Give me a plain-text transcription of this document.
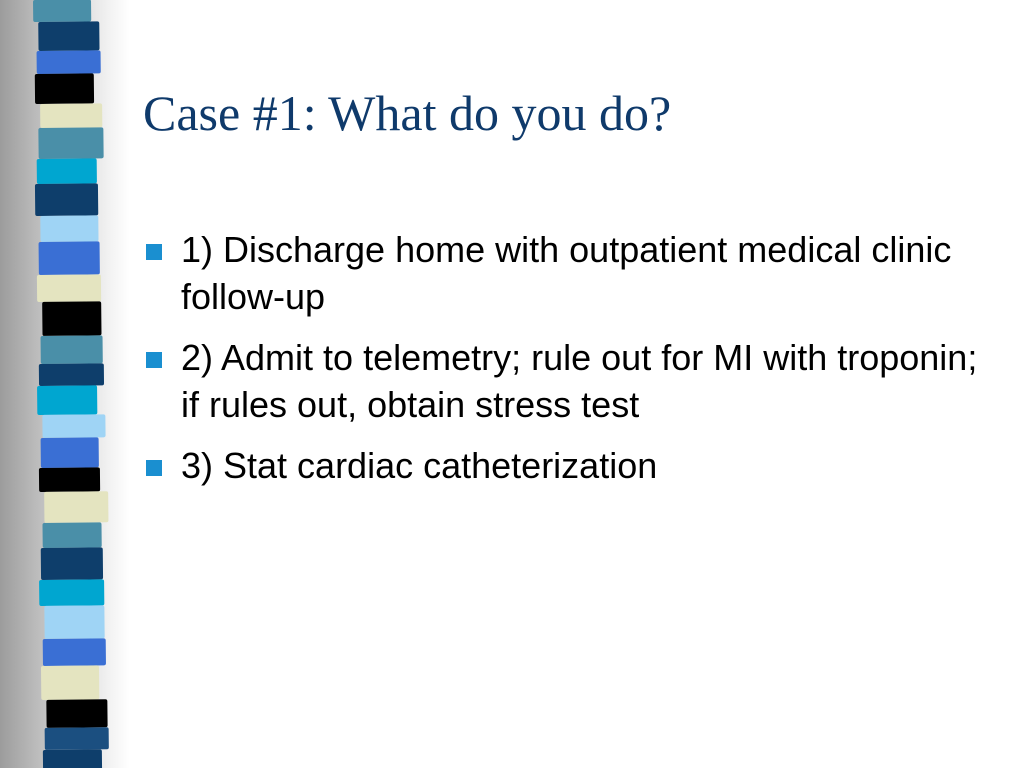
Case #1: What do you do?
1) Discharge home with outpatient medical clinic follow-up
2) Admit to telemetry; rule out for MI with troponin; if rules out, obtain stress test
3) Stat cardiac catheterization
